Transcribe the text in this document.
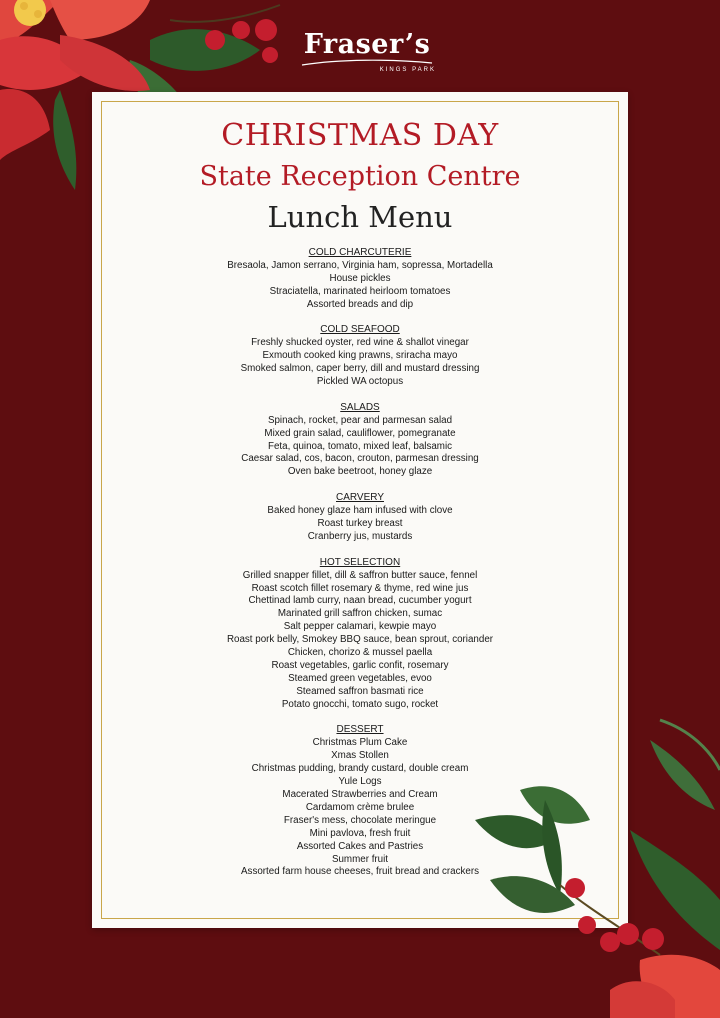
Fraser’s
KINGS PARK
CHRISTMAS DAY
State Reception Centre
Lunch Menu
COLD CHARCUTERIE
Bresaola, Jamon serrano, Virginia ham, sopressa, Mortadella
House pickles
Straciatella, marinated heirloom tomatoes
Assorted breads and dip
COLD SEAFOOD
Freshly shucked oyster, red wine & shallot vinegar
Exmouth cooked king prawns, sriracha mayo
Smoked salmon, caper berry, dill and mustard dressing
Pickled WA octopus
SALADS
Spinach, rocket, pear and parmesan salad
Mixed grain salad, cauliflower, pomegranate
Feta, quinoa, tomato, mixed leaf, balsamic
Caesar salad, cos, bacon, crouton, parmesan dressing
Oven bake beetroot, honey glaze
CARVERY
Baked honey glaze ham infused with clove
Roast turkey breast
Cranberry jus, mustards
HOT SELECTION
Grilled snapper fillet, dill & saffron butter sauce, fennel
Roast scotch fillet rosemary & thyme, red wine jus
Chettinad lamb curry, naan bread, cucumber yogurt
Marinated grill saffron chicken, sumac
Salt pepper calamari, kewpie mayo
Roast pork belly, Smokey BBQ sauce, bean sprout, coriander
Chicken, chorizo & mussel paella
Roast vegetables, garlic confit, rosemary
Steamed green vegetables, evoo
Steamed saffron basmati rice
Potato gnocchi, tomato sugo, rocket
DESSERT
Christmas Plum Cake
Xmas Stollen
Christmas pudding, brandy custard, double cream
Yule Logs
Macerated Strawberries and Cream
Cardamom crème brulee
Fraser's mess, chocolate meringue
Mini pavlova, fresh fruit
Assorted Cakes and Pastries
Summer fruit
Assorted farm house cheeses, fruit bread and crackers
